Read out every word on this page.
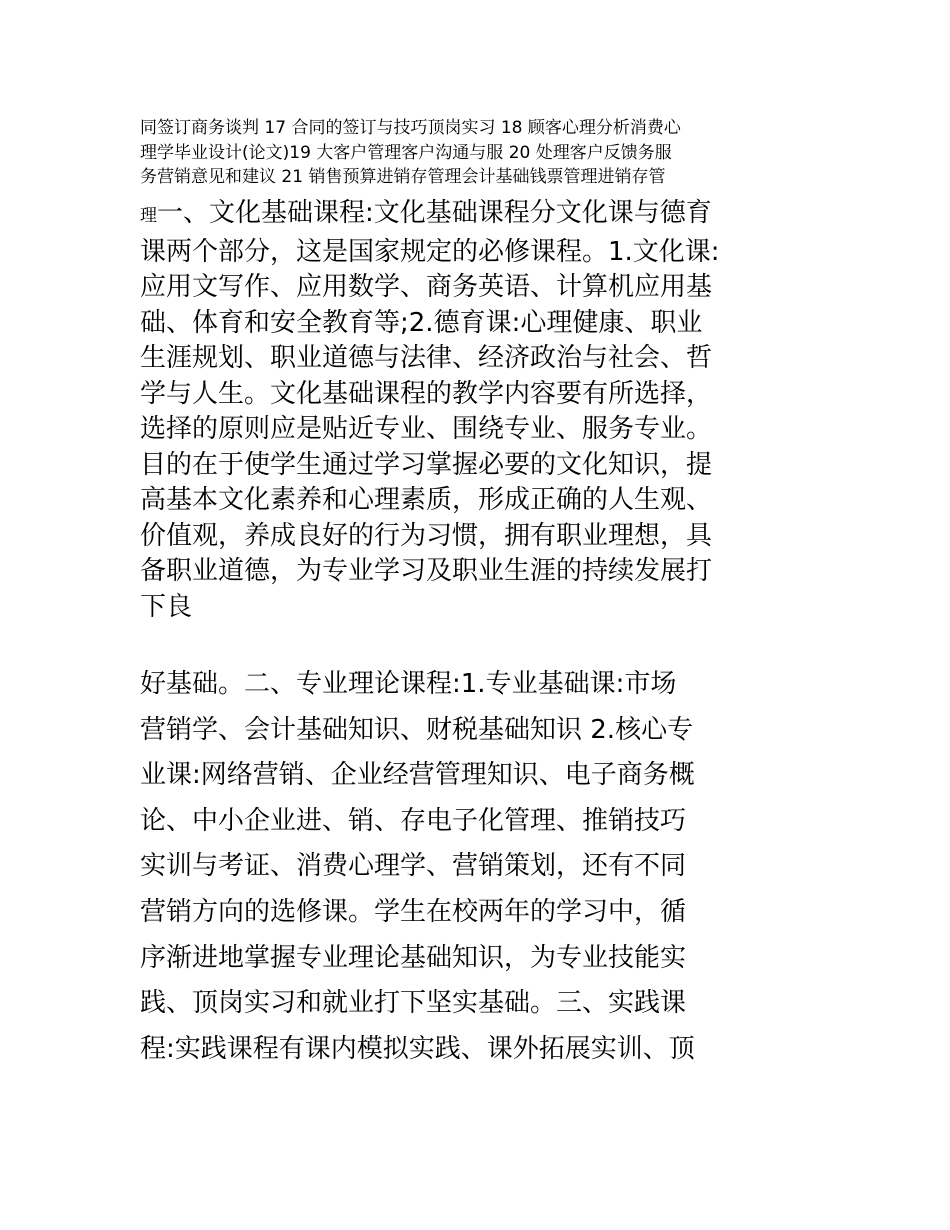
同签订商务谈判 17 合同的签订与技巧顶岗实习 18 顾客心理分析消费心
理学毕业设计(论文)19 大客户管理客户沟通与服 20 处理客户反馈务服
务营销意见和建议 21 销售预算进销存管理会计基础钱票管理进销存管
理一、文化基础课程:文化基础课程分文化课与德育
课两个部分，这是国家规定的必修课程。1.文化课:
应用文写作、应用数学、商务英语、计算机应用基
础、体育和安全教育等;2.德育课:心理健康、职业
生涯规划、职业道德与法律、经济政治与社会、哲
学与人生。文化基础课程的教学内容要有所选择，
选择的原则应是贴近专业、围绕专业、服务专业。
目的在于使学生通过学习掌握必要的文化知识，提
高基本文化素养和心理素质，形成正确的人生观、
价值观，养成良好的行为习惯，拥有职业理想，具
备职业道德，为专业学习及职业生涯的持续发展打
下良
好基础。二、专业理论课程:1.专业基础课:市场
营销学、会计基础知识、财税基础知识 2.核心专
业课:网络营销、企业经营管理知识、电子商务概
论、中小企业进、销、存电子化管理、推销技巧
实训与考证、消费心理学、营销策划，还有不同
营销方向的选修课。学生在校两年的学习中，循
序渐进地掌握专业理论基础知识，为专业技能实
践、顶岗实习和就业打下坚实基础。三、实践课
程:实践课程有课内模拟实践、课外拓展实训、顶
